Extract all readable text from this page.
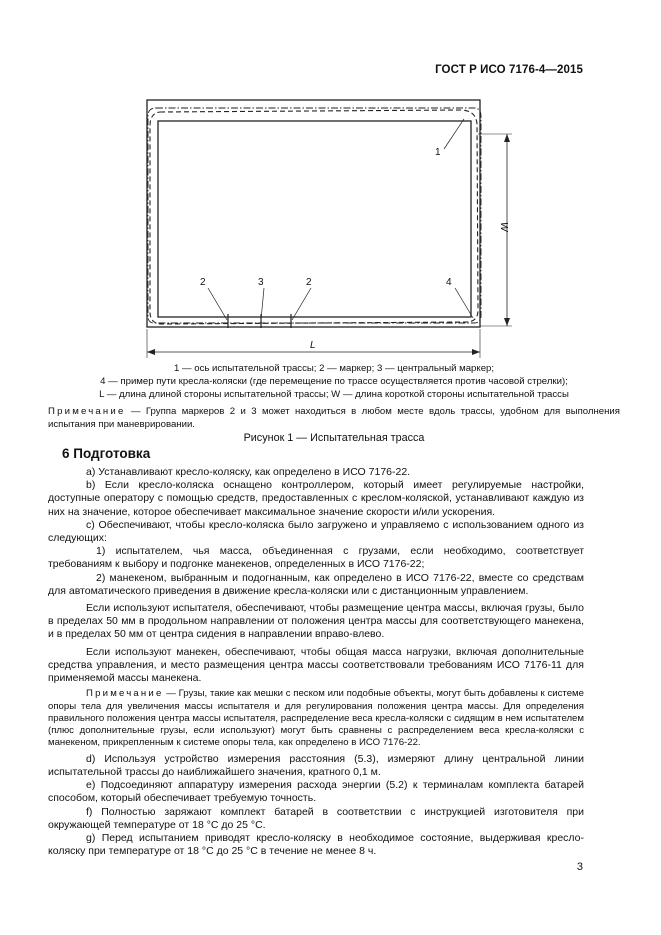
ГОСТ Р ИСО 7176-4—2015
1
2	3	2	4
L
W
1 — ось испытательной трассы; 2 — маркер; 3 — центральный маркер;
4 — пример пути кресла-коляски (где перемещение по трассе осуществляется против часовой стрелки);
L — длина длиной стороны испытательной трассы; W — длина короткой стороны испытательной трассы
Примечание — Группа маркеров 2 и 3 может находиться в любом месте вдоль трассы, удобном для выполнения испытания при маневрировании.
Рисунок 1 — Испытательная трасса
6 Подготовка

a) Устанавливают кресло-коляску, как определено в ИСО 7176-22.

b) Если кресло-коляска оснащено контроллером, который имеет регулируемые настройки, доступные оператору с помощью средств, предоставленных с креслом-коляской, устанавливают каждую из них на значение, которое обеспечивает максимальное значение скорости и/или ускорения.

c) Обеспечивают, чтобы кресло-коляска было загружено и управляемо с использованием одного из следующих:

1) испытателем, чья масса, объединенная с грузами, если необходимо, соответствует требованиям к выбору и подгонке манекенов, определенных в ИСО 7176-22;

2) манекеном, выбранным и подогнанным, как определено в ИСО 7176-22, вместе со средствам для автоматического приведения в движение кресла-коляски или с дистанционным управлением.

Если используют испытателя, обеспечивают, чтобы размещение центра массы, включая грузы, было в пределах 50 мм в продольном направлении от положения центра массы для соответствующего манекена, и в пределах 50 мм от центра сидения в направлении вправо-влево.

Если используют манекен, обеспечивают, чтобы общая масса нагрузки, включая дополнительные средства управления, и место размещения центра массы соответствовали требованиям ИСО 7176-11 для применяемой массы манекена.

Примечание — Грузы, такие как мешки с песком или подобные объекты, могут быть добавлены к системе опоры тела для увеличения массы испытателя и для регулирования положения центра массы. Для определения правильного положения центра массы испытателя, распределение веса кресла-коляски с сидящим в нем испытателем (плюс дополнительные грузы, если используют) могут быть сравнены с распределением веса кресла-коляски с манекеном, прикрепленным к системе опоры тела, как определено в ИСО 7176-22.

d) Используя устройство измерения расстояния (5.3), измеряют длину центральной линии испытательной трассы до наиближайшего значения, кратного 0,1 м.

e) Подсоединяют аппаратуру измерения расхода энергии (5.2) к терминалам комплекта батарей способом, который обеспечивает требуемую точность.

f) Полностью заряжают комплект батарей в соответствии с инструкцией изготовителя при окружающей температуре от 18 °С до 25 °С.

g) Перед испытанием приводят кресло-коляску в необходимое состояние, выдерживая кресло-коляску при температуре от 18 °С до 25 °С в течение не менее 8 ч.

3
